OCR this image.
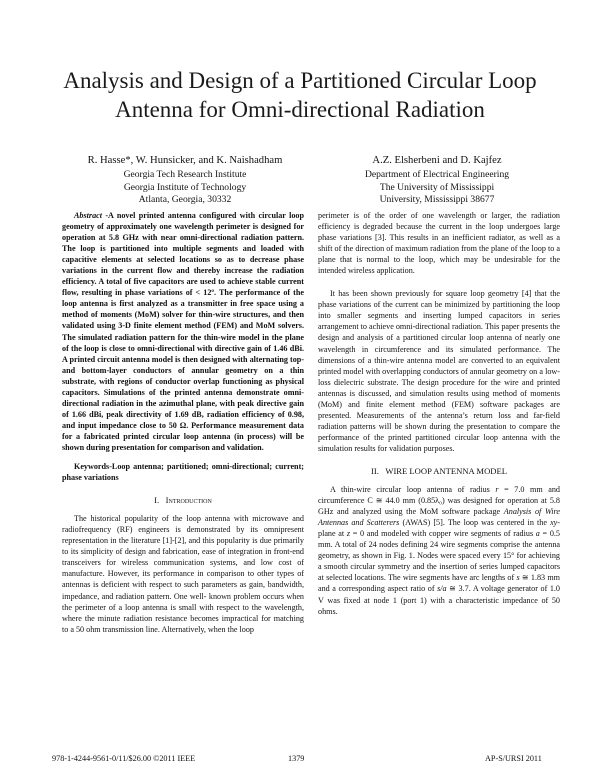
Analysis and Design of a Partitioned Circular Loop
Antenna for Omni-directional Radiation
R. Hasse*, W. Hunsicker, and K. Naishadham
Georgia Tech Research Institute
Georgia Institute of Technology
Atlanta, Georgia, 30332
A.Z. Elsherbeni and D. Kajfez
Department of Electrical Engineering
The University of Mississippi
University, Mississippi 38677

Abstract -A novel printed antenna configured with circular loop geometry of approximately one wavelength perimeter is designed for operation at 5.8 GHz with near omni-directional radiation pattern. The loop is partitioned into multiple segments and loaded with capacitive elements at selected locations so as to decrease phase variations in the current flow and thereby increase the radiation efficiency. A total of five capacitors are used to achieve stable current flow, resulting in phase variations of < 12º. The performance of the loop antenna is first analyzed as a transmitter in free space using a method of moments (MoM) solver for thin-wire structures, and then validated using 3-D finite element method (FEM) and MoM solvers. The simulated radiation pattern for the thin-wire model in the plane of the loop is close to omni-directional with directive gain of 1.46 dBi. A printed circuit antenna model is then designed with alternating top- and bottom-layer conductors of annular geometry on a thin substrate, with regions of conductor overlap functioning as physical capacitors. Simulations of the printed antenna demonstrate omni-directional radiation in the azimuthal plane, with peak directive gain of 1.66 dBi, peak directivity of 1.69 dB, radiation efficiency of 0.98, and input impedance close to 50 Ω. Performance measurement data for a fabricated printed circular loop antenna (in process) will be shown during presentation for comparison and validation.

Keywords-Loop antenna; partitioned; omni-directional; current; phase variations

I. Introduction

The historical popularity of the loop antenna with microwave and radiofrequency (RF) engineers is demonstrated by its omnipresent representation in the literature [1]-[2], and this popularity is due primarily to its simplicity of design and fabrication, ease of integration in front-end transceivers for wireless communication systems, and low cost of manufacture. However, its performance in comparison to other types of antennas is deficient with respect to such parameters as gain, bandwidth, impedance, and radiation pattern. One well- known problem occurs when the perimeter of a loop antenna is small with respect to the wavelength, where the minute radiation resistance becomes impractical for matching to a 50 ohm transmission line. Alternatively, when the loop

perimeter is of the order of one wavelength or larger, the radiation efficiency is degraded because the current in the loop undergoes large phase variations [3]. This results in an inefficient radiator, as well as a shift of the direction of maximum radiation from the plane of the loop to a plane that is normal to the loop, which may be undesirable for the intended wireless application.

It has been shown previously for square loop geometry [4] that the phase variations of the current can be minimized by partitioning the loop into smaller segments and inserting lumped capacitors in series arrangement to achieve omni-directional radiation. This paper presents the design and analysis of a partitioned circular loop antenna of nearly one wavelength in circumference and its simulated performance. The dimensions of a thin-wire antenna model are converted to an equivalent printed model with overlapping conductors of annular geometry on a low-loss dielectric substrate. The design procedure for the wire and printed antennas is discussed, and simulation results using method of moments (MoM) and finite element method (FEM) software packages are presented. Measurements of the antenna’s return loss and far-field radiation patterns will be shown during the presentation to compare the performance of the printed partitioned circular loop antenna with the simulation results for validation purposes.

II. WIRE LOOP ANTENNA MODEL

A thin-wire circular loop antenna of radius r = 7.0 mm and circumference C ≅ 44.0 mm (0.85λ₀) was designed for operation at 5.8 GHz and analyzed using the MoM software package Analysis of Wire Antennas and Scatterers (AWAS) [5]. The loop was centered in the xy-plane at z = 0 and modeled with copper wire segments of radius a = 0.5 mm. A total of 24 nodes defining 24 wire segments comprise the antenna geometry, as shown in Fig. 1. Nodes were spaced every 15° for achieving a smooth circular symmetry and the insertion of series lumped capacitors at selected locations. The wire segments have arc lengths of s ≅ 1.83 mm and a corresponding aspect ratio of s/a ≅ 3.7. A voltage generator of 1.0 V was fixed at node 1 (port 1) with a characteristic impedance of 50 ohms.

978-1-4244-9561-0/11/$26.00 ©2011 IEEE	1379	AP-S/URSI 2011
